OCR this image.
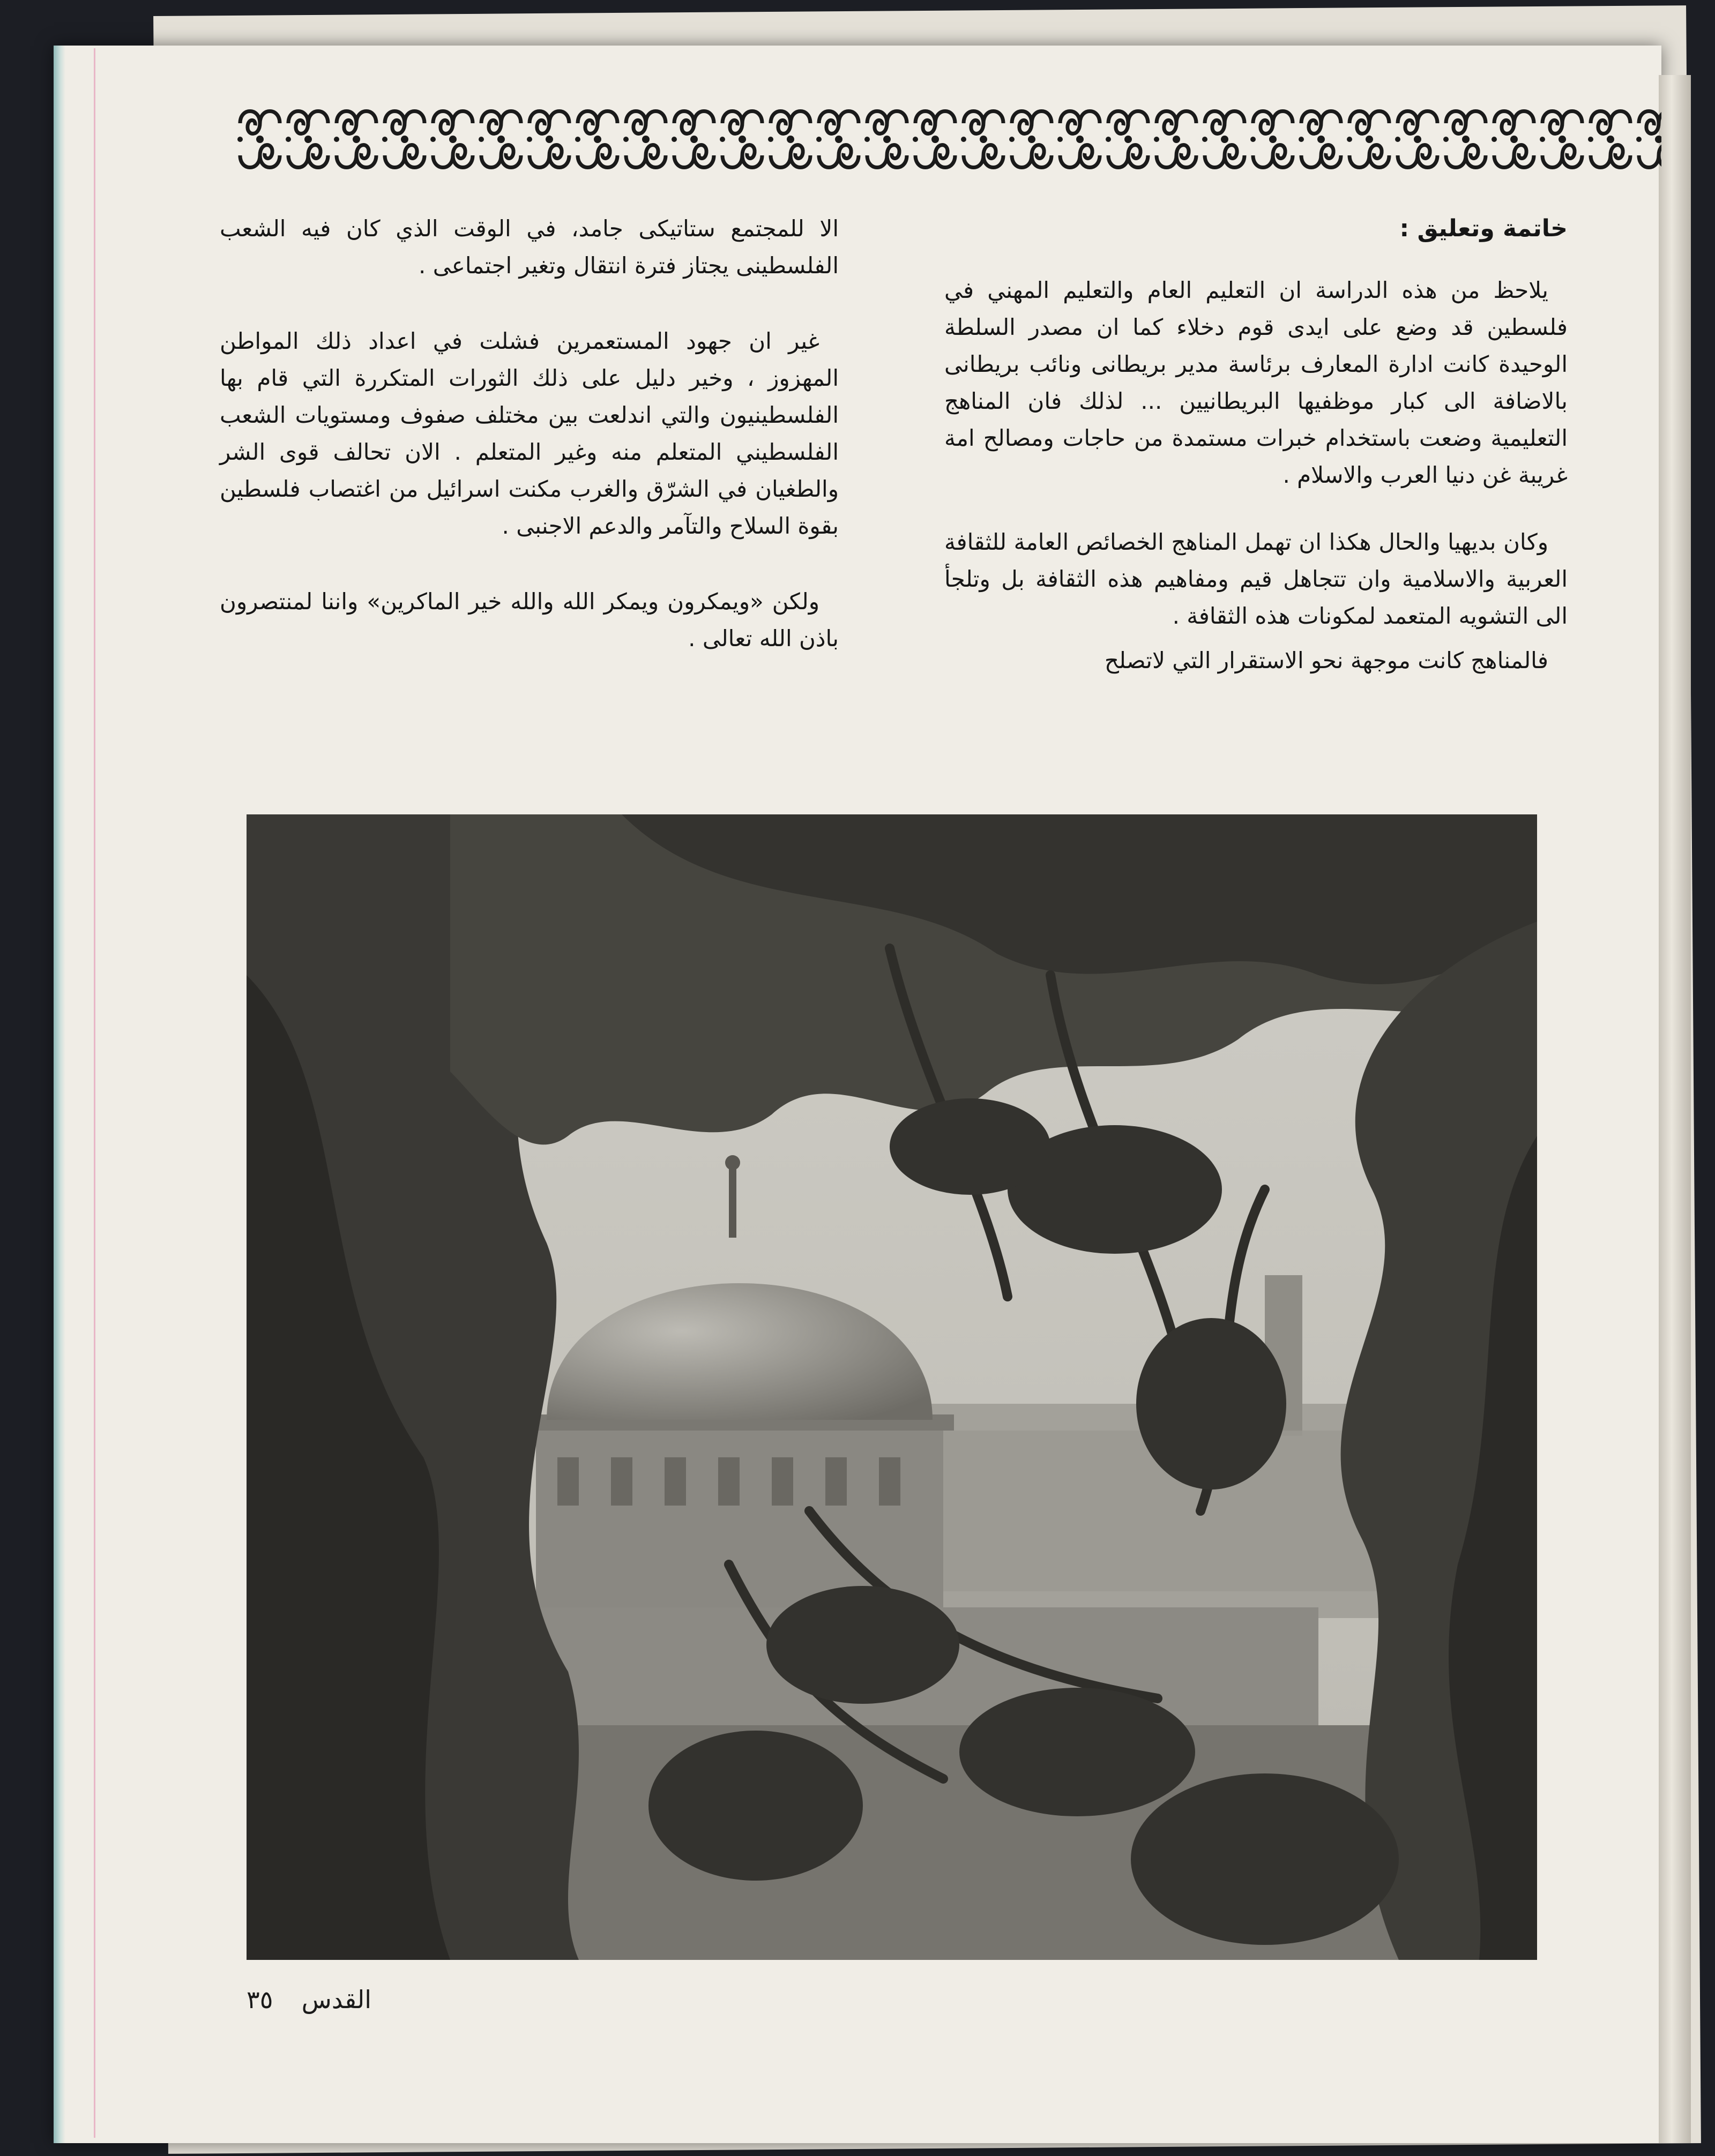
خاتمة وتعليق :

يلاحظ من هذه الدراسة ان التعليم العام والتعليم المهني في فلسطين قد وضع على ايدى قوم دخلاء كما ان مصدر السلطة الوحيدة كانت ادارة المعارف برئاسة مدير بريطانى ونائب بريطانى بالاضافة الى كبار موظفيها البريطانيين ... لذلك فان المناهج التعليمية وضعت باستخدام خبرات مستمدة من حاجات ومصالح امة غريبة غن دنيا العرب والاسلام .

وكان بديهيا والحال هكذا ان تهمل المناهج الخصائص العامة للثقافة العربية والاسلامية وان تتجاهل قيم ومفاهيم هذه الثقافة بل وتلجأ الى التشويه المتعمد لمكونات هذه الثقافة .

فالمناهج كانت موجهة نحو الاستقرار التي لاتصلح

الا للمجتمع ستاتيكى جامد، في الوقت الذي كان فيه الشعب الفلسطينى يجتاز فترة انتقال وتغير اجتماعى .

غير ان جهود المستعمرين فشلت في اعداد ذلك المواطن المهزوز ، وخير دليل على ذلك الثورات المتكررة التي قام بها الفلسطينيون والتي اندلعت بين مختلف صفوف ومستويات الشعب الفلسطيني المتعلم منه وغير المتعلم . الان تحالف قوى الشر والطغيان في الشرّق والغرب مكنت اسرائيل من اغتصاب فلسطين بقوة السلاح والتآمر والدعم الاجنبى .

ولكن «ويمكرون ويمكر الله والله خير الماكرين» واننا لمنتصرون باذن الله تعالى .

القدس  ٣٥
